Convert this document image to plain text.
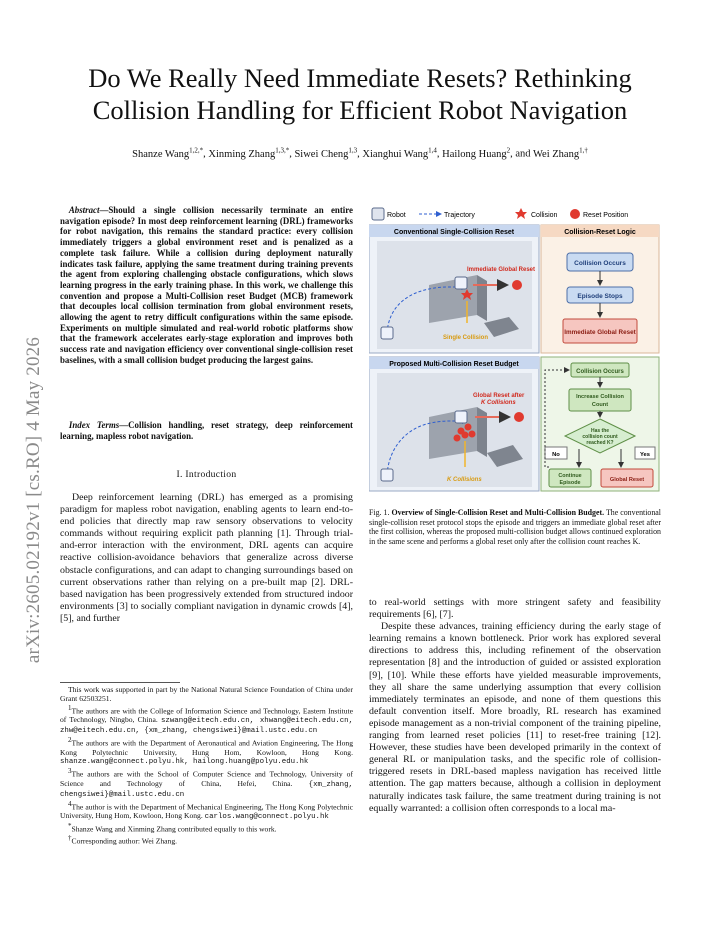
arXiv:2605.02192v1 [cs.RO] 4 May 2026
Do We Really Need Immediate Resets? Rethinking Collision Handling for Efficient Robot Navigation
Shanze Wang$^{1,2,*}$, Xinming Zhang$^{1,3,*}$, Siwei Cheng$^{1,3}$, Xianghui Wang$^{1,4}$, Hailong Huang$^2$, and Wei Zhang$^{1,\dagger}$
 Abstract—Should a single collision necessarily terminate an entire navigation episode? In most deep reinforcement learning (DRL) frameworks for robot navigation, this remains the standard practice: every collision immediately triggers a global environment reset and is penalized as a complete task failure. While a collision during deployment naturally indicates task failure, applying the same treatment during training prevents the agent from exploring challenging obstacle configurations, which slows learning progress in the early training phase. In this work, we challenge this convention and propose a Multi-Collision reset Budget (MCB) framework that decouples local collision termination from global environment resets, allowing the agent to retry difficult configurations within the same episode. Experiments on multiple simulated and real-world robotic platforms show that the framework accelerates early-stage exploration and improves both success rate and navigation efficiency over conventional single-collision reset baselines, with a small collision budget producing the largest gains.
 Index Terms—Collision handling, reset strategy, deep reinforcement learning, mapless robot navigation.
I. Introduction
Deep reinforcement learning (DRL) has emerged as a promising paradigm for mapless robot navigation, enabling agents to learn end-to-end policies that directly map raw sensory observations to velocity commands without requiring explicit path planning [1]. Through trial-and-error interaction with the environment, DRL agents can acquire reactive collision-avoidance behaviors that generalize across diverse obstacle configurations, and can adapt to changing surroundings based on current observations rather than relying on a pre-built map [2]. DRL-based navigation has been progressively extended from structured indoor environments [3] to socially compliant navigation in dynamic crowds [4], [5], and further

This work was supported in part by the National Natural Science Foundation of China under Grant 62503251.

$^1$The authors are with the College of Information Science and Technology, Eastern Institute of Technology, Ningbo, China. szwang@eitech.edu.cn, xhwang@eitech.edu.cn, zhw@eitech.edu.cn, {xm_zhang, chengsiwei}@mail.ustc.edu.cn

$^2$The authors are with the Department of Aeronautical and Aviation Engineering, The Hong Kong Polytechnic University, Hung Hom, Kowloon, Hong Kong. shanze.wang@connect.polyu.hk, hailong.huang@polyu.edu.hk

$^3$The authors are with the School of Computer Science and Technology, University of Science and Technology of China, Hefei, China. {xm_zhang, chengsiwei}@mail.ustc.edu.cn

$^4$The author is with the Department of Mechanical Engineering, The Hong Kong Polytechnic University, Hung Hom, Kowloon, Hong Kong. carlos.wang@connect.polyu.hk

*Shanze Wang and Xinming Zhang contributed equally to this work.

†Corresponding author: Wei Zhang.

Robot	Trajectory	Collision	Reset Position
Conventional Single-Collision Reset
Immediate Global Reset
Single Collision
Collision-Reset Logic
Collision Occurs
Episode Stops
Immediate Global Reset
Proposed Multi-Collision Reset Budget
Global Reset after
K Collisions
K Collisions
Collision Occurs
Increase Collision
Count
Has the
collision count
reached K?
No	Yes
Continue
Episode	Global Reset
Fig. 1. Overview of Single-Collision Reset and Multi-Collision Budget. The conventional single-collision reset protocol stops the episode and triggers an immediate global reset after the first collision, whereas the proposed multi-collision budget allows continued exploration in the same scene and performs a global reset only after the collision count reaches K.

to real-world settings with more stringent safety and feasibility requirements [6], [7].

Despite these advances, training efficiency during the early stage of learning remains a known bottleneck. Prior work has explored several directions to address this, including refinement of the observation representation [8] and the introduction of guided or assisted exploration [9], [10]. While these efforts have yielded measurable improvements, they all share the same underlying assumption that every collision immediately terminates an episode, and none of them questions this default convention itself. More broadly, RL research has examined episode management as a non-trivial component of the training pipeline, ranging from learned reset policies [11] to reset-free training [12]. However, these studies have been developed primarily in the context of general RL or manipulation tasks, and the specific role of collision-triggered resets in DRL-based mapless navigation has received little attention. The gap matters because, although a collision in deployment naturally indicates task failure, the same treatment during training is not equally warranted: a collision often corresponds to a local ma-
